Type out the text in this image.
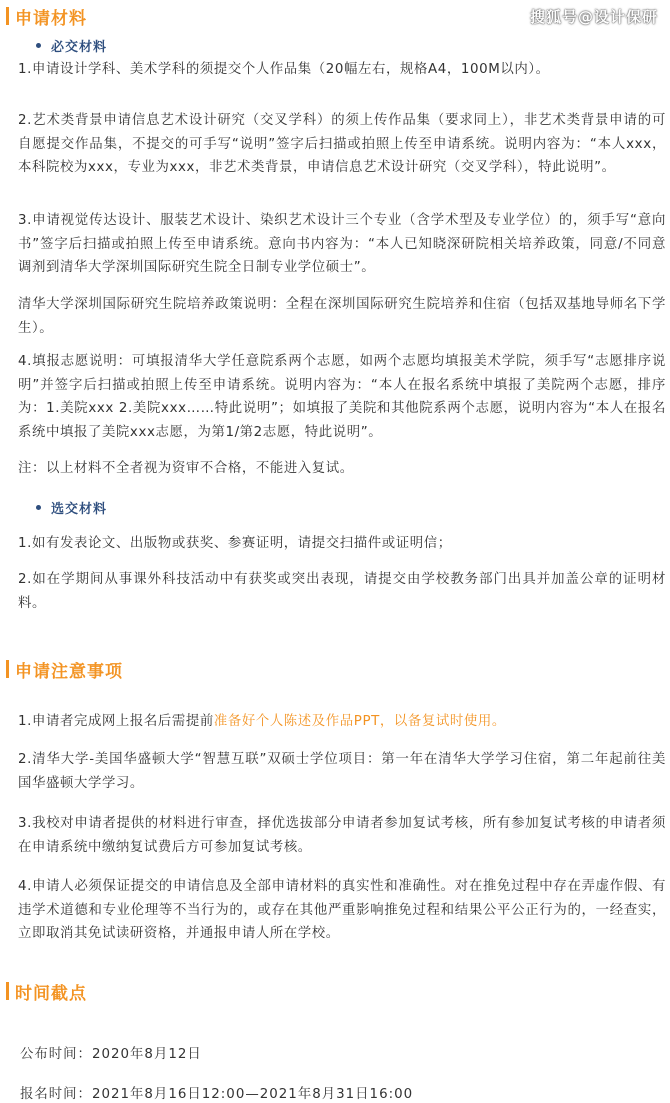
搜狐号@设计保研
申请材料
必交材料

1.申请设计学科、美术学科的须提交个人作品集（20幅左右，规格A4，100M以内）。

2.艺术类背景申请信息艺术设计研究（交叉学科）的须上传作品集（要求同上），非艺术类背景申请的可自愿提交作品集，不提交的可手写“说明”签字后扫描或拍照上传至申请系统。说明内容为：“本人xxx，本科院校为xxx，专业为xxx，非艺术类背景，申请信息艺术设计研究（交叉学科），特此说明”。

3.申请视觉传达设计、服装艺术设计、染织艺术设计三个专业（含学术型及专业学位）的，须手写“意向书”签字后扫描或拍照上传至申请系统。意向书内容为：“本人已知晓深研院相关培养政策，同意/不同意调剂到清华大学深圳国际研究生院全日制专业学位硕士”。

清华大学深圳国际研究生院培养政策说明：全程在深圳国际研究生院培养和住宿（包括双基地导师名下学生）。

4.填报志愿说明：可填报清华大学任意院系两个志愿，如两个志愿均填报美术学院，须手写“志愿排序说明”并签字后扫描或拍照上传至申请系统。说明内容为：“本人在报名系统中填报了美院两个志愿，排序为：1.美院xxx 2.美院xxx……特此说明”；如填报了美院和其他院系两个志愿，说明内容为“本人在报名系统中填报了美院xxx志愿，为第1/第2志愿，特此说明”。

注：以上材料不全者视为资审不合格，不能进入复试。

选交材料

1.如有发表论文、出版物或获奖、参赛证明，请提交扫描件或证明信；

2.如在学期间从事课外科技活动中有获奖或突出表现，请提交由学校教务部门出具并加盖公章的证明材料。

申请注意事项

1.申请者完成网上报名后需提前准备好个人陈述及作品PPT，以备复试时使用。

2.清华大学-美国华盛顿大学“智慧互联”双硕士学位项目：第一年在清华大学学习住宿，第二年起前往美国华盛顿大学学习。

3.我校对申请者提供的材料进行审查，择优选拔部分申请者参加复试考核，所有参加复试考核的申请者须在申请系统中缴纳复试费后方可参加复试考核。

4.申请人必须保证提交的申请信息及全部申请材料的真实性和准确性。对在推免过程中存在弄虚作假、有违学术道德和专业伦理等不当行为的，或存在其他严重影响推免过程和结果公平公正行为的，一经查实，立即取消其免试读研资格，并通报申请人所在学校。

时间截点
公布时间：2020年8月12日
报名时间：2021年8月16日12:00—2021年8月31日16:00
